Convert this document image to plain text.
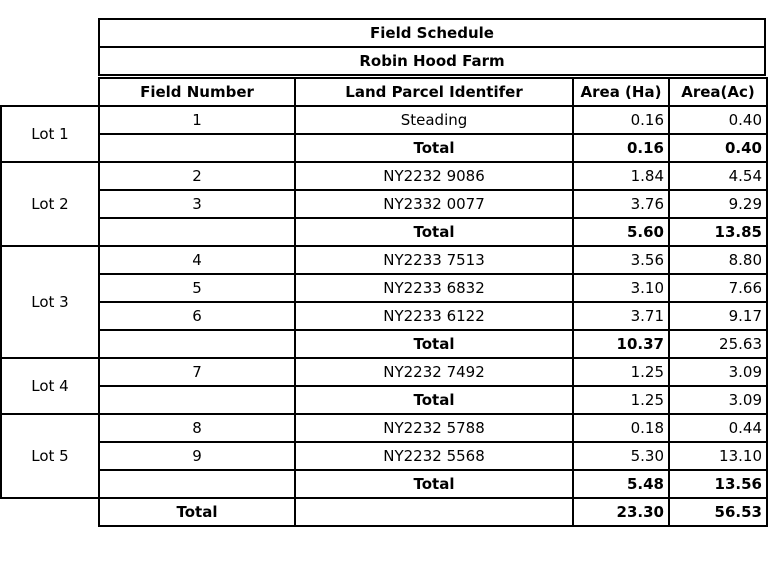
Field Schedule
Robin Hood Farm
	Field Number	Land Parcel Identifer	Area (Ha)	Area(Ac)
Lot 1	1	Steading	0.16	0.40
		Total	0.16	0.40
Lot 2	2	NY2232 9086	1.84	4.54
	3	NY2332 0077	3.76	9.29
		Total	5.60	13.85
Lot 3	4	NY2233 7513	3.56	8.80
	5	NY2233 6832	3.10	7.66
	6	NY2233 6122	3.71	9.17
		Total	10.37	25.63
Lot 4	7	NY2232 7492	1.25	3.09
		Total	1.25	3.09
Lot 5	8	NY2232 5788	0.18	0.44
	9	NY2232 5568	5.30	13.10
		Total	5.48	13.56
	Total		23.30	56.53
